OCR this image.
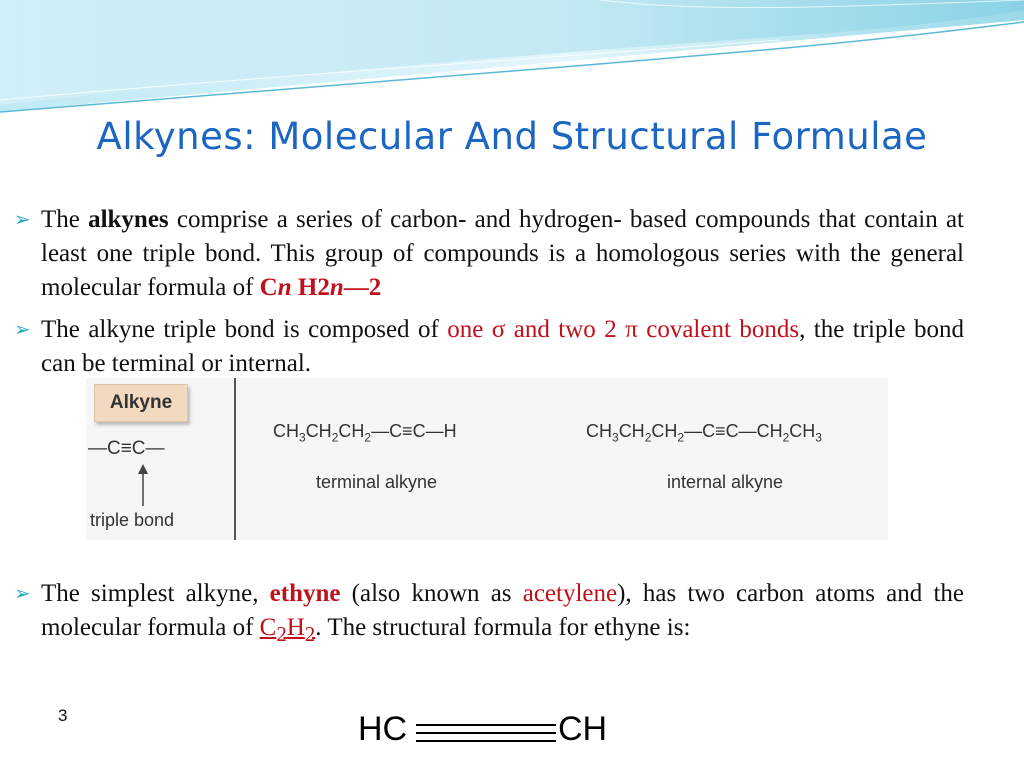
Alkynes: Molecular And Structural Formulae
➢ The alkynes comprise a series of carbon- and hydrogen- based compounds that contain at least one triple bond. This group of compounds is a homologous series with the general molecular formula of Cn H2n—2
➢ The alkyne triple bond is composed of one σ and two 2 π covalent bonds, the triple bond can be terminal or internal.
Alkyne
—C≡C—
triple bond
$CH_3CH_2CH_2—C\equiv C—H$
terminal alkyne
$CH_3CH_2CH_2—C\equiv C—CH_2CH_3$
internal alkyne
➢ The simplest alkyne, ethyne (also known as acetylene), has two carbon atoms and the molecular formula of $C_2H_2$. The structural formula for ethyne is:
3	HC	CH
